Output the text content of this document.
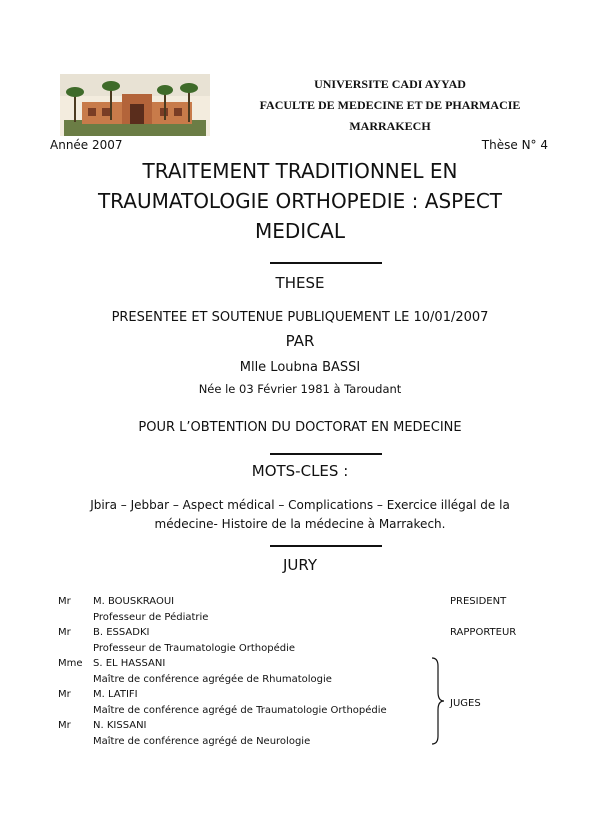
UNIVERSITE CADI AYYAD
FACULTE DE MEDECINE ET DE PHARMACIE
MARRAKECH
Année 2007	Thèse N° 4
TRAITEMENT TRADITIONNEL EN
TRAUMATOLOGIE ORTHOPEDIE : ASPECT
MEDICAL
THESE
PRESENTEE ET SOUTENUE PUBLIQUEMENT LE 10/01/2007
PAR
Mlle Loubna BASSI
Née le 03 Février 1981 à Taroudant
POUR L’OBTENTION DU DOCTORAT EN MEDECINE
MOTS-CLES :
Jbira – Jebbar – Aspect médical – Complications – Exercice illégal de la
médecine- Histoire de la médecine à Marrakech.
JURY
Mr M. BOUSKRAOUI
Professeur de Pédiatrie
PRESIDENT
Mr B. ESSADKI
Professeur de Traumatologie Orthopédie
RAPPORTEUR
Mme S. EL HASSANI
Maître de conférence agrégée de Rhumatologie
Mr M. LATIFI
Maître de conférence agrégé de Traumatologie Orthopédie
Mr N. KISSANI
Maître de conférence agrégé de Neurologie
JUGES
